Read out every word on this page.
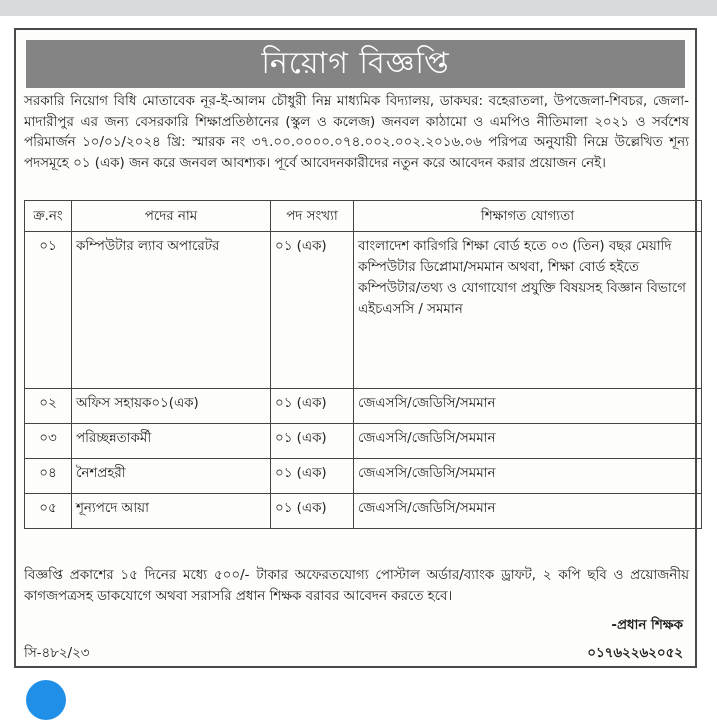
নিয়োগ বিজ্ঞপ্তি
সরকারি নিয়োগ বিধি মোতাবেক নূর-ই-আলম চৌধুরী নিম্ন মাধ্যমিক বিদ্যালয়, ডাকঘর: বহেরাতলা, উপজেলা-শিবচর, জেলা-মাদারীপুর এর জন্য বেসরকারি শিক্ষাপ্রতিষ্ঠানের (স্কুল ও কলেজ) জনবল কাঠামো ও এমপিও নীতিমালা ২০২১ ও সর্বশেষ পরিমার্জন ১০/০১/২০২৪ খ্রি: স্মারক নং ৩৭.০০.০০০০.০৭৪.০০২.০০২.২০১৬.০৬ পরিপত্র অনুযায়ী নিম্নে উল্লেখিত শূন্য পদসমূহে ০১ (এক) জন করে জনবল আবশ্যক। পূর্বে আবেদনকারীদের নতুন করে আবেদন করার প্রয়োজন নেই।
ক্র.নং	পদের নাম	পদ সংখ্যা	শিক্ষাগত যোগ্যতা
০১	কম্পিউটার ল্যাব অপারেটর	০১ (এক)	বাংলাদেশ কারিগরি শিক্ষা বোর্ড হতে ০৩ (তিন) বছর মেয়াদি কম্পিউটার ডিপ্লোমা/সমমান অথবা, শিক্ষা বোর্ড হইতে কম্পিউটার/তথ্য ও যোগাযোগ প্রযুক্তি বিষয়সহ বিজ্ঞান বিভাগে এইচএসসি / সমমান
০২	অফিস সহায়ক০১(এক)	০১ (এক)	জেএসসি/জেডিসি/সমমান
০৩	পরিচ্ছন্নতাকর্মী	০১ (এক)	জেএসসি/জেডিসি/সমমান
০৪	নৈশপ্রহরী	০১ (এক)	জেএসসি/জেডিসি/সমমান
০৫	শূন্যপদে আয়া	০১ (এক)	জেএসসি/জেডিসি/সমমান
বিজ্ঞপ্তি প্রকাশের ১৫ দিনের মধ্যে ৫০০/- টাকার অফেরতযোগ্য পোস্টাল অর্ডার/ব্যাংক ড্রাফট, ২ কপি ছবি ও প্রয়োজনীয় কাগজপত্রসহ ডাকযোগে অথবা সরাসরি প্রধান শিক্ষক বরাবর আবেদন করতে হবে।
-প্রধান শিক্ষক
সি-৪৮২/২৩	০১৭৬২২৬২০৫২
